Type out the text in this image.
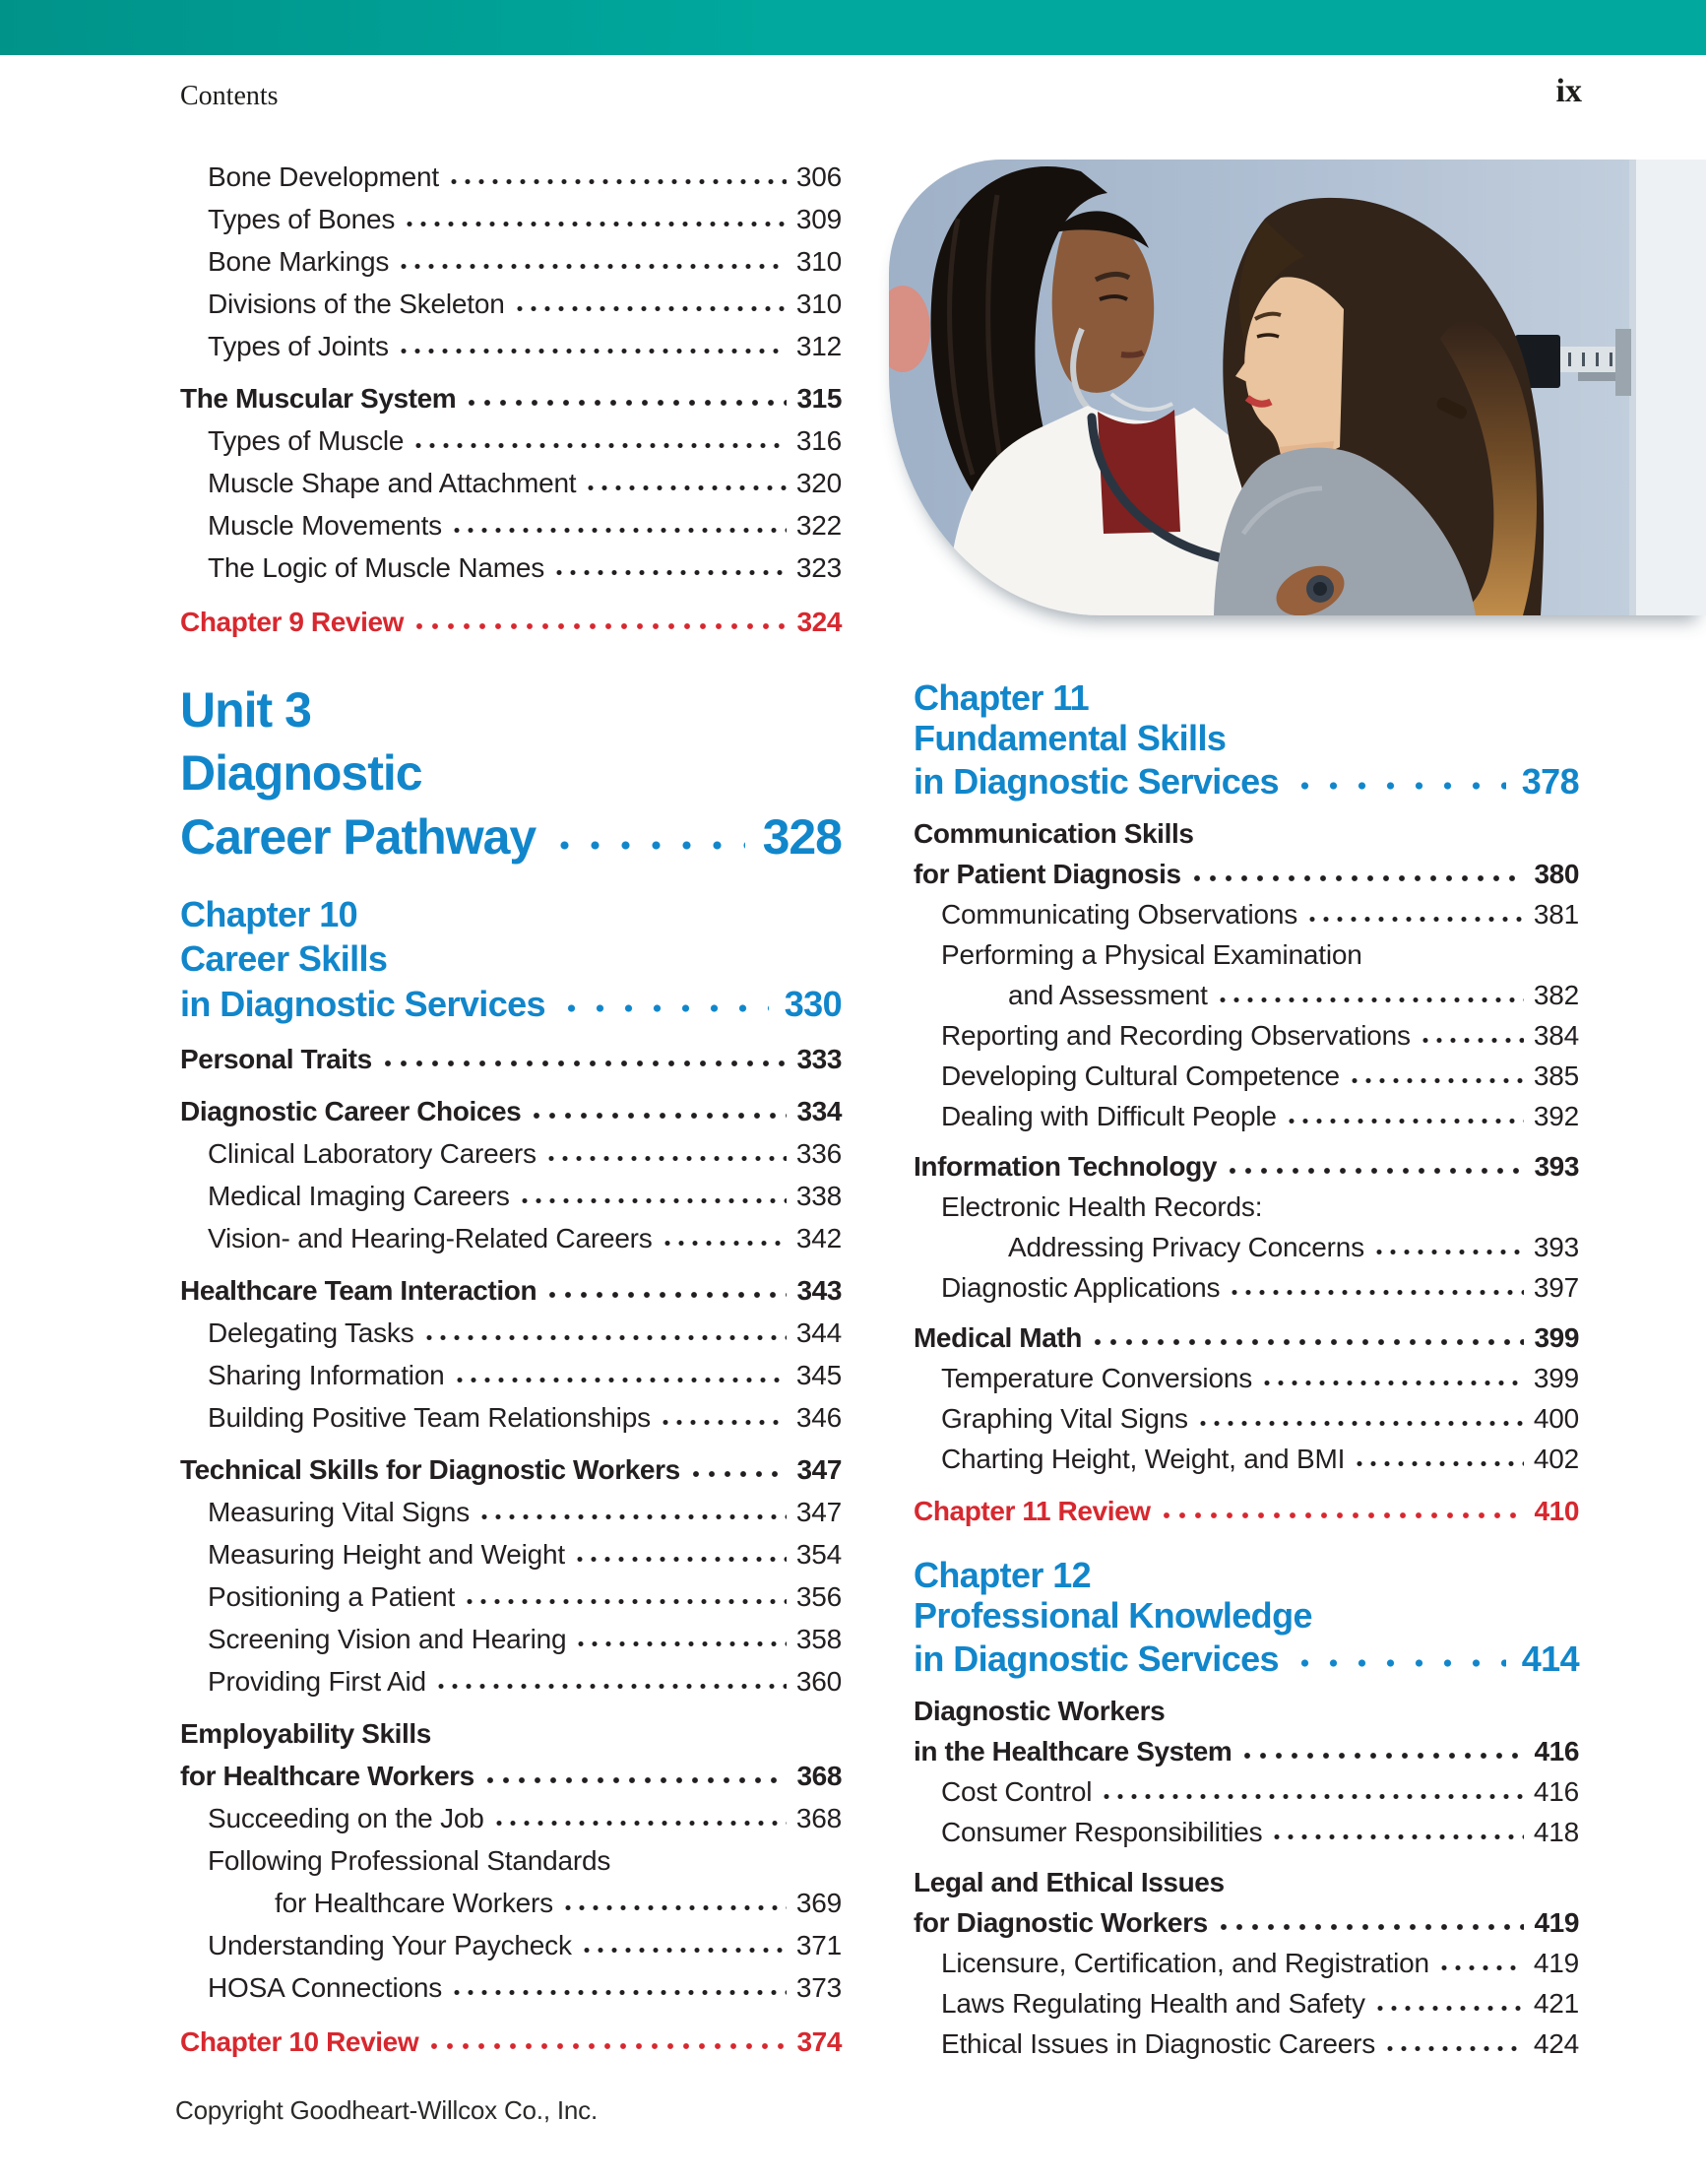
Contents	ix
Bone Development	306
Types of Bones	309
Bone Markings	310
Divisions of the Skeleton	310
Types of Joints	312
The Muscular System	315
Types of Muscle	316
Muscle Shape and Attachment	320
Muscle Movements	322
The Logic of Muscle Names	323
Chapter 9 Review	324
Unit 3
Diagnostic
Career Pathway	328
Chapter 10
Career Skills
in Diagnostic Services	330
Personal Traits	333
Diagnostic Career Choices	334
Clinical Laboratory Careers	336
Medical Imaging Careers	338
Vision- and Hearing-Related Careers	342
Healthcare Team Interaction	343
Delegating Tasks	344
Sharing Information	345
Building Positive Team Relationships	346
Technical Skills for Diagnostic Workers	347
Measuring Vital Signs	347
Measuring Height and Weight	354
Positioning a Patient	356
Screening Vision and Hearing	358
Providing First Aid	360
Employability Skills
for Healthcare Workers	368
Succeeding on the Job	368
Following Professional Standards
for Healthcare Workers	369
Understanding Your Paycheck	371
HOSA Connections	373
Chapter 10 Review	374
Chapter 11
Fundamental Skills
in Diagnostic Services	378
Communication Skills
for Patient Diagnosis	380
Communicating Observations	381
Performing a Physical Examination
and Assessment	382
Reporting and Recording Observations	384
Developing Cultural Competence	385
Dealing with Difficult People	392
Information Technology	393
Electronic Health Records:
Addressing Privacy Concerns	393
Diagnostic Applications	397
Medical Math	399
Temperature Conversions	399
Graphing Vital Signs	400
Charting Height, Weight, and BMI	402
Chapter 11 Review	410
Chapter 12
Professional Knowledge
in Diagnostic Services	414
Diagnostic Workers
in the Healthcare System	416
Cost Control	416
Consumer Responsibilities	418
Legal and Ethical Issues
for Diagnostic Workers	419
Licensure, Certification, and Registration	419
Laws Regulating Health and Safety	421
Ethical Issues in Diagnostic Careers	424
Copyright Goodheart-Willcox Co., Inc.
